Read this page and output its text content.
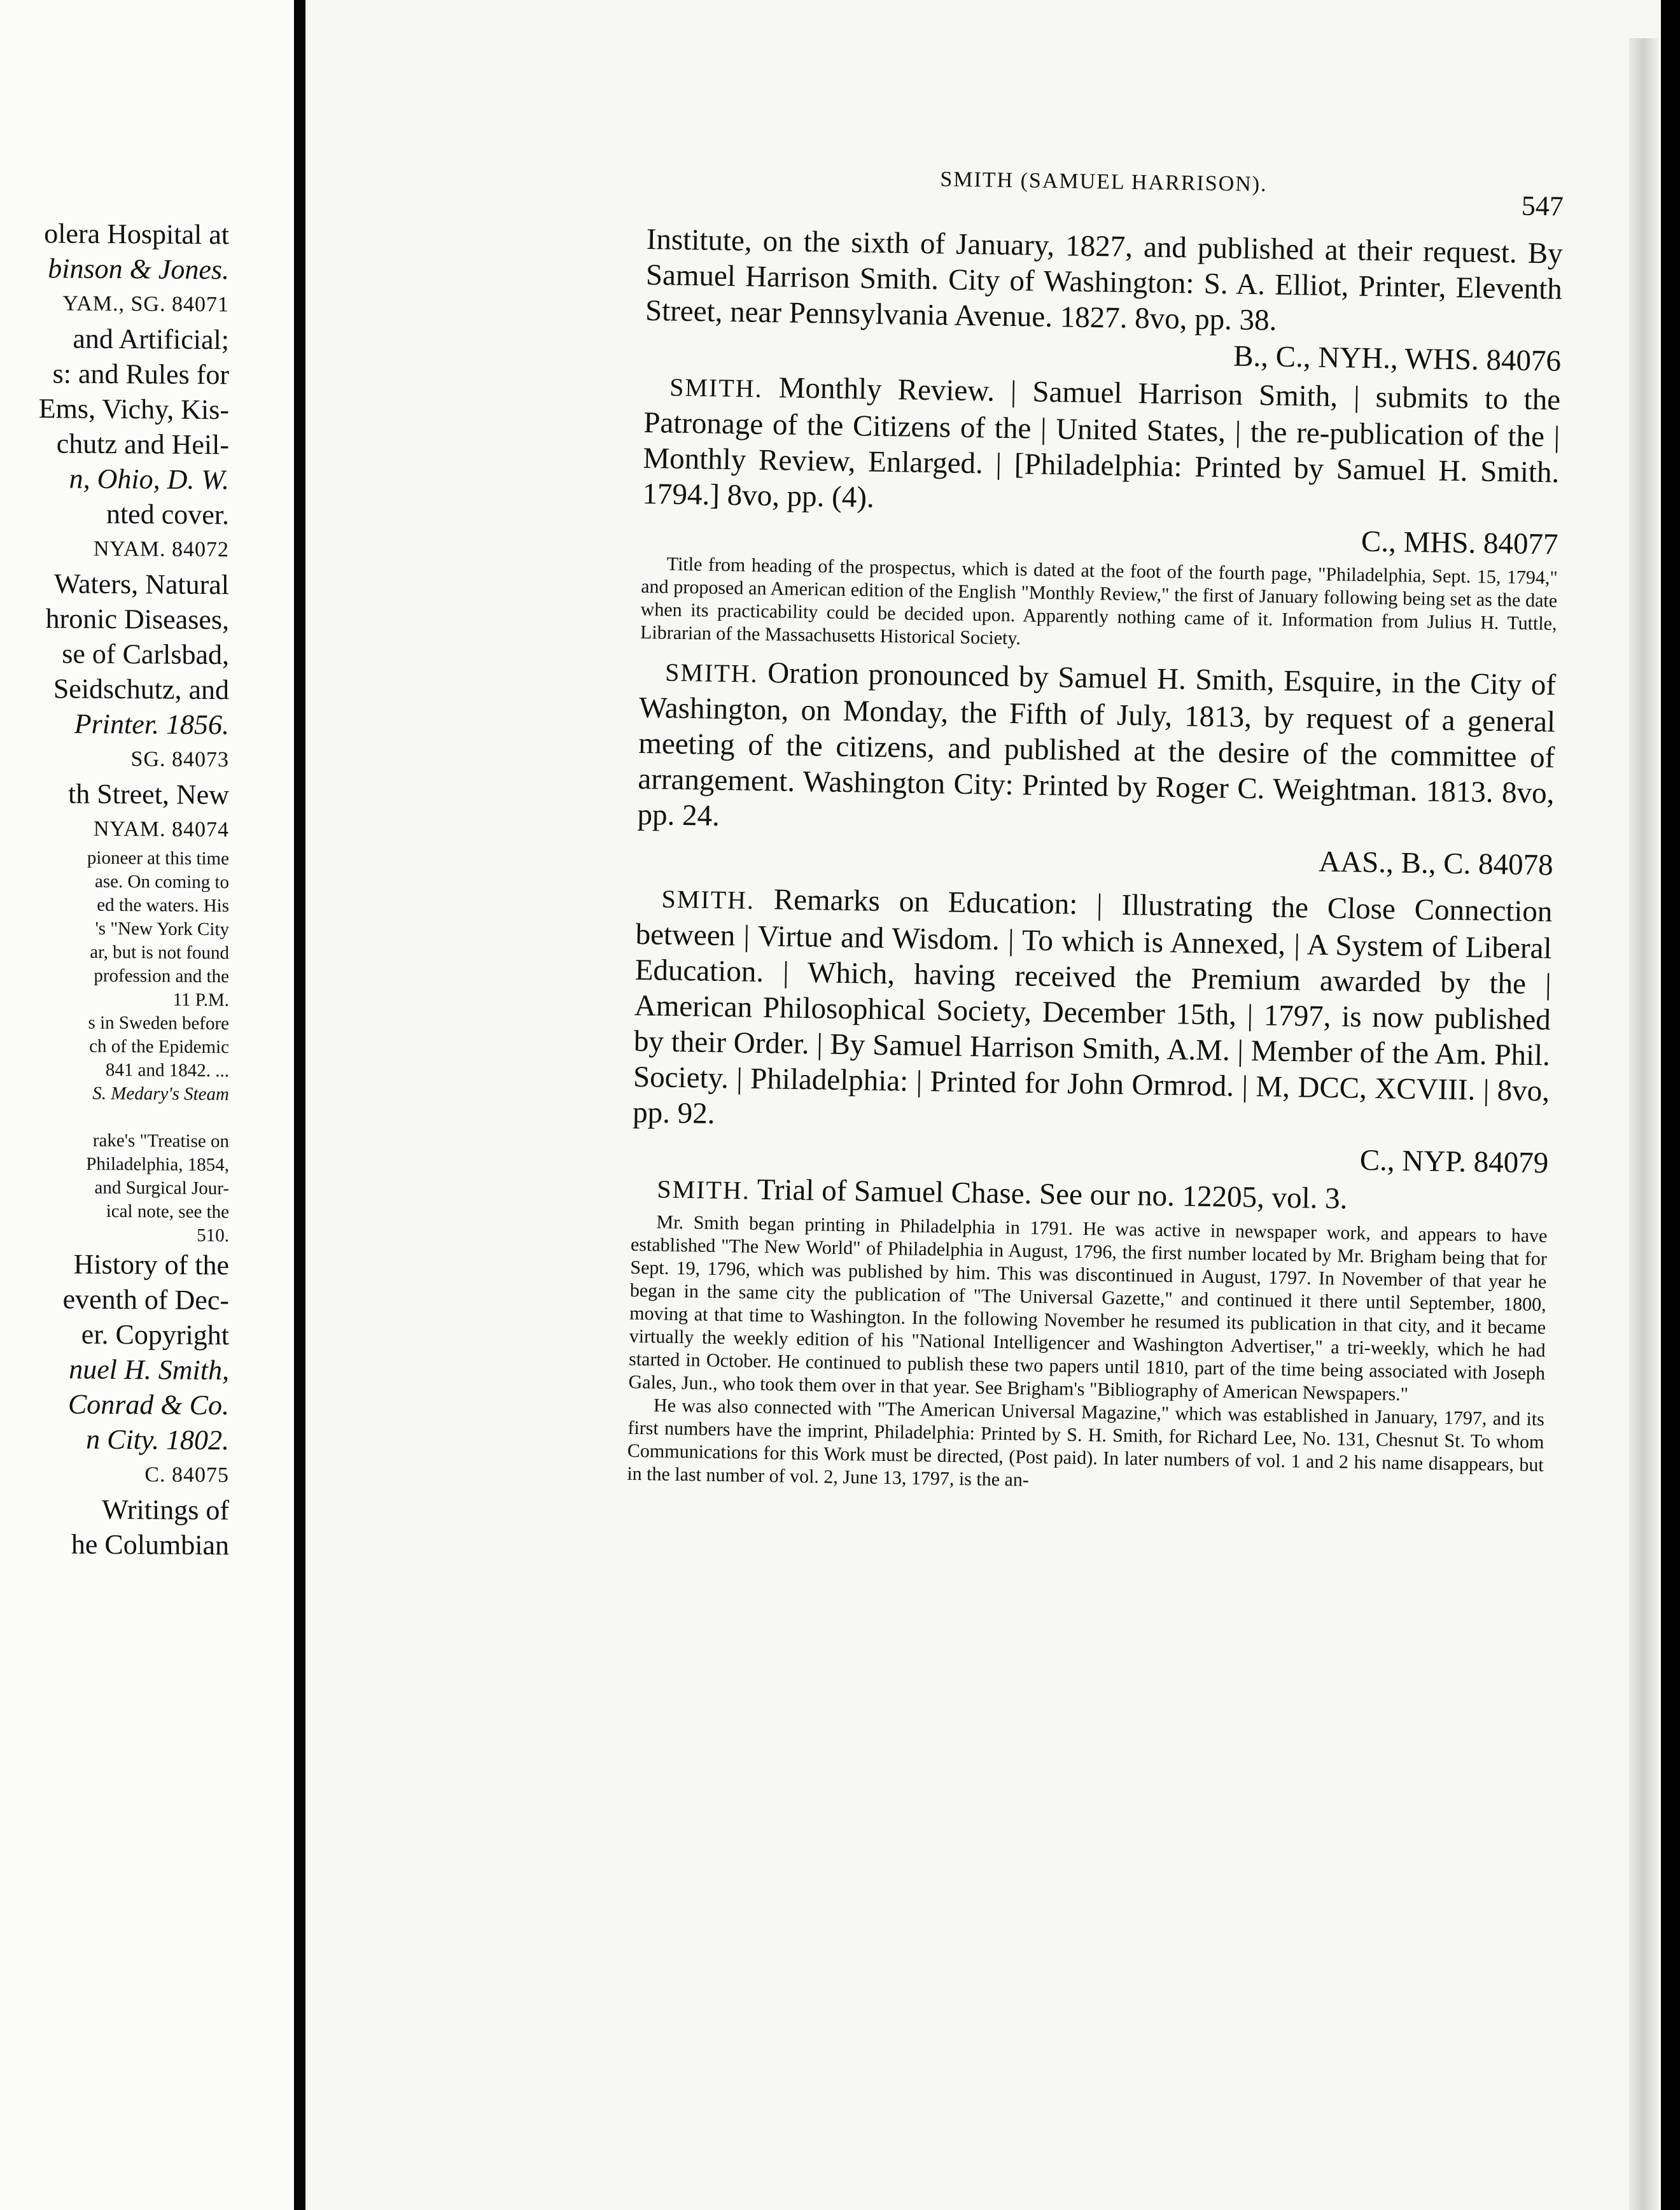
olera Hospital at
binson & Jones.
YAM., SG. 84071
and Artificial;
s: and Rules for
Ems, Vichy, Kis-
chutz and Heil-
n, Ohio, D. W.
nted cover.
NYAM. 84072
Waters, Natural
hronic Diseases,
se of Carlsbad,
Seidschutz, and
Printer. 1856.
SG. 84073
th Street, New
NYAM. 84074
pioneer at this time
ase. On coming to
ed the waters. His
's "New York City
ar, but is not found
profession and the
11 P.M.
s in Sweden before
ch of the Epidemic
841 and 1842. ...
S. Medary's Steam
rake's "Treatise on
Philadelphia, 1854,
and Surgical Jour-
ical note, see the
510.
History of the
eventh of Dec-
er. Copyright
nuel H. Smith,
Conrad & Co.
n City. 1802.
C. 84075
Writings of
he Columbian
SMITH (SAMUEL HARRISON).
547

Institute, on the sixth of January, 1827, and published at their request. By Samuel Harrison Smith. City of Washington: S. A. Elliot, Printer, Eleventh Street, near Pennsylvania Avenue. 1827. 8vo, pp. 38.

B., C., NYH., WHS. 84076

SMITH. Monthly Review. | Samuel Harrison Smith, | submits to the Patronage of the Citizens of the | United States, | the re-publication of the | Monthly Review, Enlarged. | [Philadelphia: Printed by Samuel H. Smith. 1794.] 8vo, pp. (4).

C., MHS. 84077

Title from heading of the prospectus, which is dated at the foot of the fourth page, "Philadelphia, Sept. 15, 1794," and proposed an American edition of the English "Monthly Review," the first of January following being set as the date when its practicability could be decided upon. Apparently nothing came of it. Information from Julius H. Tuttle, Librarian of the Massachusetts Historical Society.

SMITH. Oration pronounced by Samuel H. Smith, Esquire, in the City of Washington, on Monday, the Fifth of July, 1813, by request of a general meeting of the citizens, and published at the desire of the committee of arrangement. Washington City: Printed by Roger C. Weightman. 1813. 8vo, pp. 24.

AAS., B., C. 84078

SMITH. Remarks on Education: | Illustrating the Close Connection between | Virtue and Wisdom. | To which is Annexed, | A System of Liberal Education. | Which, having received the Premium awarded by the | American Philosophical Society, December 15th, | 1797, is now published by their Order. | By Samuel Harrison Smith, A.M. | Member of the Am. Phil. Society. | Philadelphia: | Printed for John Ormrod. | M, DCC, XCVIII. | 8vo, pp. 92.

C., NYP. 84079

SMITH. Trial of Samuel Chase. See our no. 12205, vol. 3.

Mr. Smith began printing in Philadelphia in 1791. He was active in newspaper work, and appears to have established "The New World" of Philadelphia in August, 1796, the first number located by Mr. Brigham being that for Sept. 19, 1796, which was published by him. This was discontinued in August, 1797. In November of that year he began in the same city the publication of "The Universal Gazette," and continued it there until September, 1800, moving at that time to Washington. In the following November he resumed its publication in that city, and it became virtually the weekly edition of his "National Intelligencer and Washington Advertiser," a tri-weekly, which he had started in October. He continued to publish these two papers until 1810, part of the time being associated with Joseph Gales, Jun., who took them over in that year. See Brigham's "Bibliography of American Newspapers."

He was also connected with "The American Universal Magazine," which was established in January, 1797, and its first numbers have the imprint, Philadelphia: Printed by S. H. Smith, for Richard Lee, No. 131, Chesnut St. To whom Communications for this Work must be directed, (Post paid). In later numbers of vol. 1 and 2 his name disappears, but in the last number of vol. 2, June 13, 1797, is the an-
